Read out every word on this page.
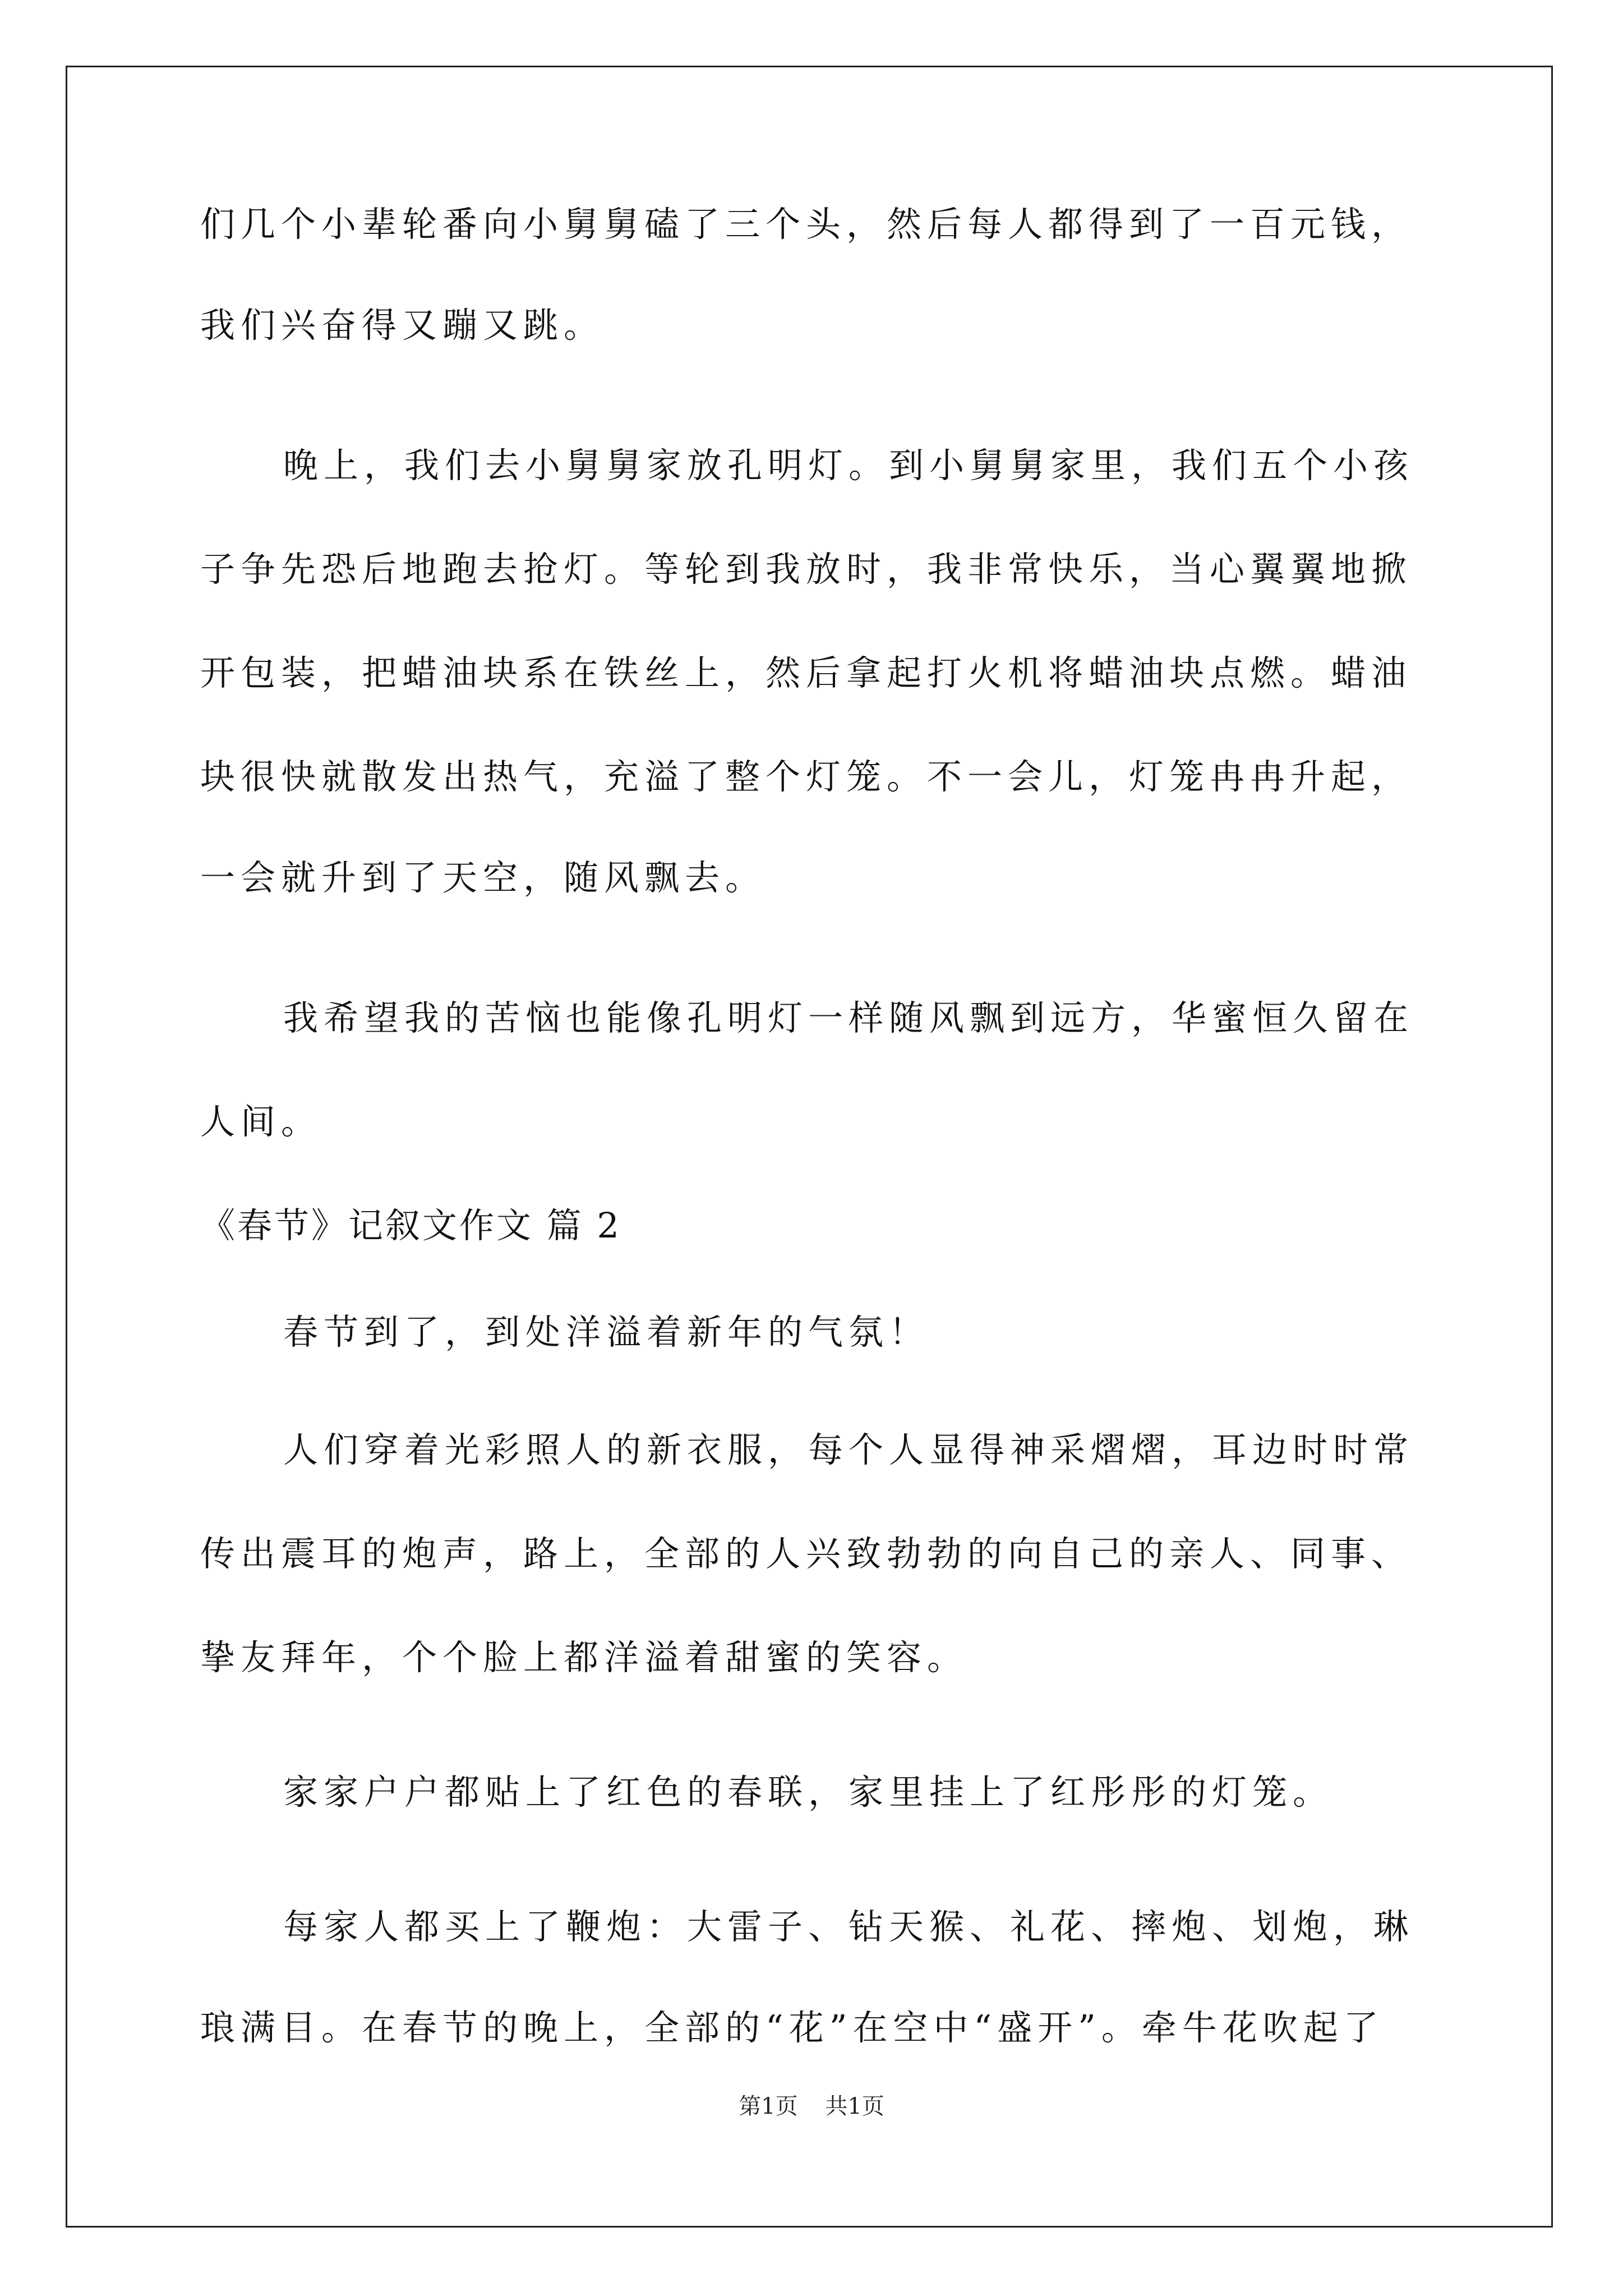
们几个小辈轮番向小舅舅磕了三个头，然后每人都得到了一百元钱，
我们兴奋得又蹦又跳。
晚上，我们去小舅舅家放孔明灯。到小舅舅家里，我们五个小孩
子争先恐后地跑去抢灯。等轮到我放时，我非常快乐，当心翼翼地掀
开包装，把蜡油块系在铁丝上，然后拿起打火机将蜡油块点燃。蜡油
块很快就散发出热气，充溢了整个灯笼。不一会儿，灯笼冉冉升起，
一会就升到了天空，随风飘去。
我希望我的苦恼也能像孔明灯一样随风飘到远方，华蜜恒久留在
人间。
《春节》记叙文作文 篇 2
春节到了，到处洋溢着新年的气氛！
人们穿着光彩照人的新衣服，每个人显得神采熠熠，耳边时时常
传出震耳的炮声，路上，全部的人兴致勃勃的向自己的亲人、同事、
挚友拜年，个个脸上都洋溢着甜蜜的笑容。
家家户户都贴上了红色的春联，家里挂上了红彤彤的灯笼。
每家人都买上了鞭炮：大雷子、钻天猴、礼花、摔炮、划炮，琳
琅满目。在春节的晚上，全部的“花”在空中“盛开”。牵牛花吹起了
第1页 共1页
